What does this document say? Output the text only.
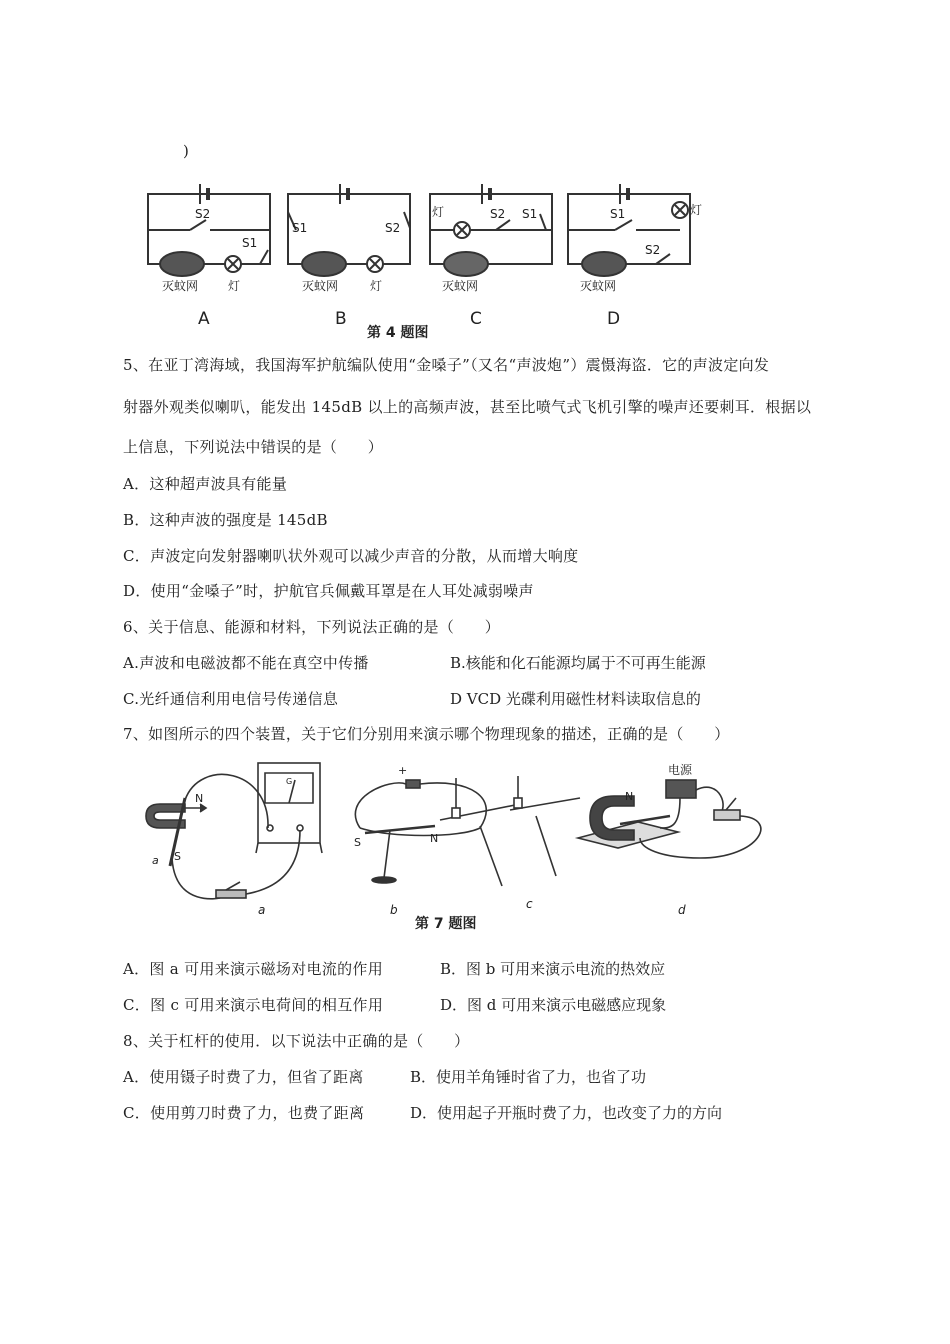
)
S2
S1
灭蚊网 灯
S1	S2
灭蚊网	灯
灯	S2 S1
灭蚊网
S1	灯
S2
灭蚊网
A	B	C	D
第 4 题图
5、在亚丁湾海域，我国海军护航编队使用“金嗓子”（又名“声波炮”）震慑海盗．它的声波定向发
射器外观类似喇叭，能发出 145dB 以上的高频声波，甚至比喷气式飞机引擎的噪声还要刺耳．根据以
上信息，下列说法中错误的是（　　）
A．这种超声波具有能量
B．这种声波的强度是 145dB
C．声波定向发射器喇叭状外观可以减少声音的分散，从而增大响度
D．使用“金嗓子”时，护航官兵佩戴耳罩是在人耳处减弱噪声
6、关于信息、能源和材料，下列说法正确的是（　　）
A.声波和电磁波都不能在真空中传播	B.核能和化石能源均属于不可再生能源
C.光纤通信利用电信号传递信息	D VCD 光碟利用磁性材料读取信息的
7、如图所示的四个装置，关于它们分别用来演示哪个物理现象的描述，正确的是（　　）
N
S
a
G
S	N
+
N
电源
a	b	c	d
第 7 题图
A．图 a 可用来演示磁场对电流的作用	B．图 b 可用来演示电流的热效应
C．图 c 可用来演示电荷间的相互作用	D．图 d 可用来演示电磁感应现象
8、关于杠杆的使用．以下说法中正确的是（　　）
A．使用镊子时费了力，但省了距离	B．使用羊角锤时省了力，也省了功
C．使用剪刀时费了力，也费了距离	D．使用起子开瓶时费了力，也改变了力的方向
